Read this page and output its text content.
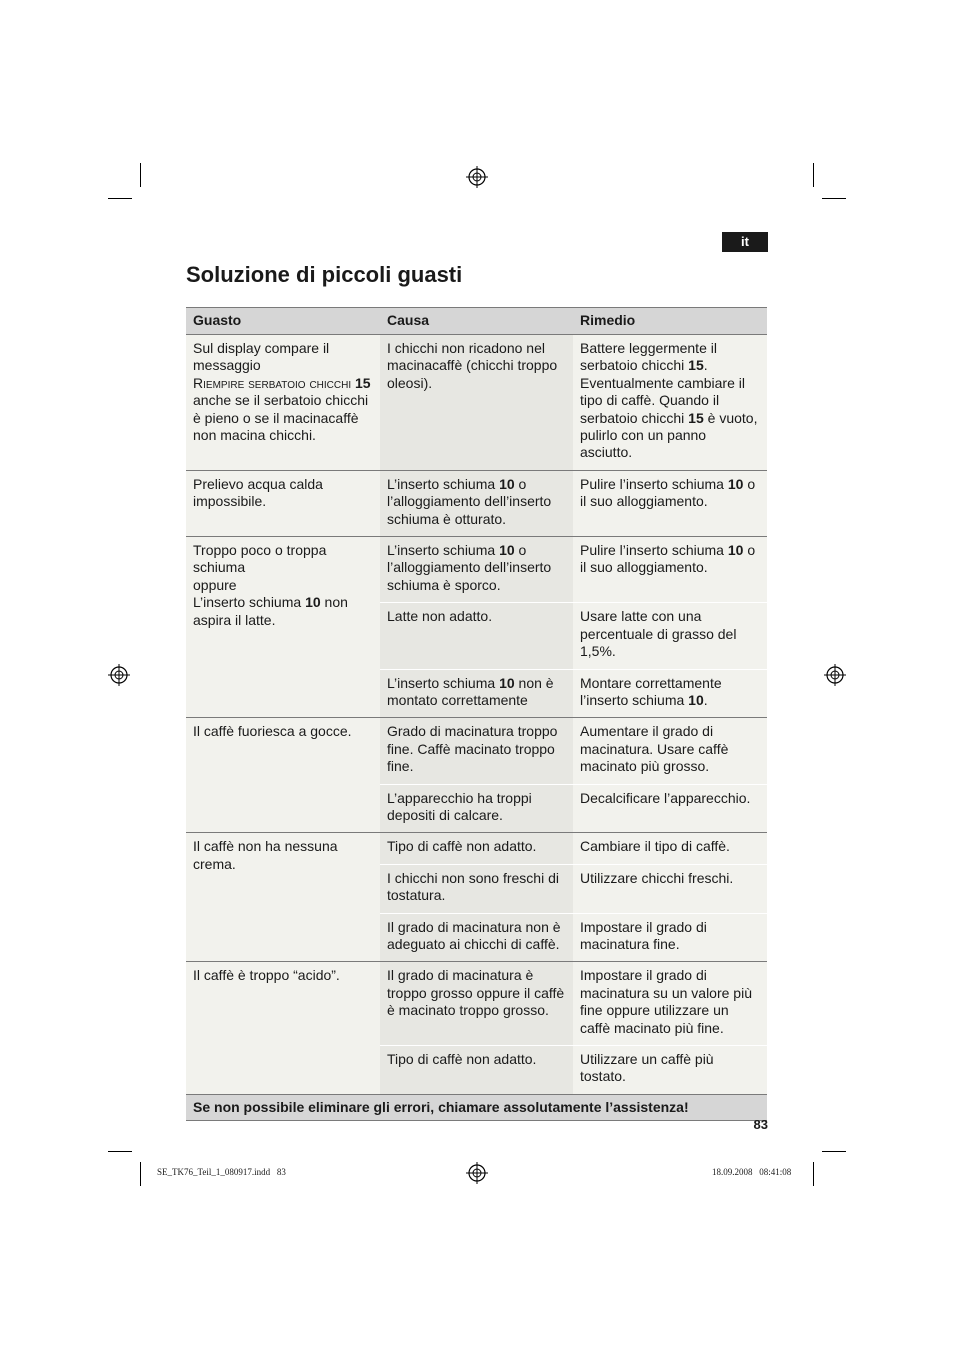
it
Soluzione di piccoli guasti
Guasto	Causa	Rimedio
Sul display compare il messaggio
Riempire serbatoio chicchi 15
anche se il serbatoio chicchi è pieno o se il macinacaffè non macina chicchi.	I chicchi non ricadono nel macinacaffè (chicchi troppo oleosi).	Battere leggermente il serbatoio chicchi 15. Eventualmente cambiare il tipo di caffè. Quando il serbatoio chicchi 15 è vuoto, pulirlo con un panno asciutto.
Prelievo acqua calda impossibile.	L’inserto schiuma 10 o l’alloggiamento dell’inserto schiuma è otturato.	Pulire l’inserto schiuma 10 o il suo alloggiamento.
Troppo poco o troppa schiuma
oppure
L’inserto schiuma 10 non aspira il latte.	L’inserto schiuma 10 o l’alloggiamento dell’inserto schiuma è sporco.	Pulire l’inserto schiuma 10 o il suo alloggiamento.
	Latte non adatto.	Usare latte con una percentuale di grasso del 1,5%.
	L’inserto schiuma 10 non è montato correttamente	Montare correttamente l’inserto schiuma 10.
Il caffè fuoriesca a gocce.	Grado di macinatura troppo fine. Caffè macinato troppo fine.	Aumentare il grado di macinatura. Usare caffè macinato più grosso.
	L’apparecchio ha troppi depositi di calcare.	Decalcificare l’apparecchio.
Il caffè non ha nessuna crema.	Tipo di caffè non adatto.	Cambiare il tipo di caffè.
	I chicchi non sono freschi di tostatura.	Utilizzare chicchi freschi.
	Il grado di macinatura non è adeguato ai chicchi di caffè.	Impostare il grado di macinatura fine.
Il caffè è troppo “acido”.	Il grado di macinatura è troppo grosso oppure il caffè è macinato troppo grosso.	Impostare il grado di macinatura su un valore più fine oppure utilizzare un caffè macinato più fine.
	Tipo di caffè non adatto.	Utilizzare un caffè più tostato.
Se non possibile eliminare gli errori, chiamare assolutamente l’assistenza!		
83
SE_TK76_Teil_1_080917.indd   83	18.09.2008   08:41:08
